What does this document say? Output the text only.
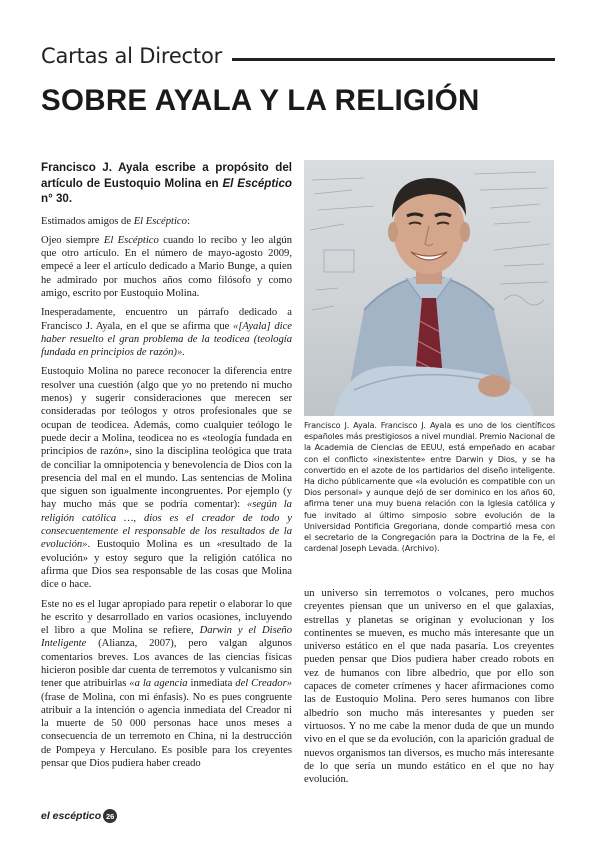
Cartas al Director
SOBRE AYALA Y LA RELIGIÓN
Francisco J. Ayala escribe a propósito del artículo de Eustoquio Molina en El Escéptico n° 30.

Estimados amigos de El Escéptico:

Ojeo siempre El Escéptico cuando lo recibo y leo algún que otro artículo. En el número de mayo-agosto 2009, empecé a leer el artículo dedicado a Mario Bunge, a quien he admirado por muchos años como filósofo y como amigo, escrito por Eustoquio Molina.

Inesperadamente, encuentro un párrafo dedicado a Francisco J. Ayala, en el que se afirma que «[Ayala] dice haber resuelto el gran problema de la teodicea (teología fundada en principios de razón)».

Eustoquio Molina no parece reconocer la diferencia entre resolver una cuestión (algo que yo no pretendo ni mucho menos) y sugerir consideraciones que merecen ser consideradas por teólogos y otros profesionales que se ocupan de teodicea. Además, como cualquier teólogo le puede decir a Molina, teodicea no es «teología fundada en principios de razón», sino la disciplina teológica que trata de conciliar la omnipotencia y benevolencia de Dios con la presencia del mal en el mundo. Las sentencias de Molina que siguen son igualmente incongruentes. Por ejemplo (y hay mucho más que se podría comentar): «según la religión católica …, dios es el creador de todo y consecuentemente el responsable de los resultados de la evolución». Eustoquio Molina es un «resultado de la evolución» y estoy seguro que la religión católica no afirma que Dios sea responsable de las cosas que Molina dice o hace.

Este no es el lugar apropiado para repetir o elaborar lo que he escrito y desarrollado en varios ocasiones, incluyendo el libro a que Molina se refiere, Darwin y el Diseño Inteligente (Alianza, 2007), pero valgan algunos comentarios breves. Los avances de las ciencias físicas hicieron posible dar cuenta de terremotos y vulcanismo sin tener que atribuirlas «a la agencia inmediata del Creador» (frase de Molina, con mi énfasis). No es pues congruente atribuir a la intención o agencia inmediata del Creador ni la muerte de 50 000 personas hace unos meses a consecuencia de un terremoto en China, ni la destrucción de Pompeya y Herculano. Es posible para los creyentes pensar que Dios pudiera haber creado

Francisco J. Ayala. Francisco J. Ayala es uno de los científicos españoles más prestigiosos a nivel mundial. Premio Nacional de la Academia de Ciencias de EEUU, está empeñado en acabar con el conflicto «inexistente» entre Darwin y Dios, y se ha convertido en el azote de los partidarios del diseño inteligente. Ha dicho públicamente que «la evolución es compatible con un Dios personal» y aunque dejó de ser dominico en los años 60, afirma tener una muy buena relación con la Iglesia católica y fue invitado al último simposio sobre evolución de la Universidad Pontificia Gregoriana, donde compartió mesa con el secretario de la Congregación para la Doctrina de la Fe, el cardenal Joseph Levada. (Archivo).

un universo sin terremotos o volcanes, pero muchos creyentes piensan que un universo en el que galaxias, estrellas y planetas se originan y evolucionan y los continentes se mueven, es mucho más interesante que un universo estático en el que nada pasaría. Los creyentes pueden pensar que Dios pudiera haber creado robots en vez de humanos con libre albedrío, que por ello son capaces de cometer crímenes y hacer afirmaciones como las de Eustoquio Molina. Pero seres humanos con libre albedrío son mucho más interesantes y pueden ser virtuosos. Y no me cabe la menor duda de que un mundo vivo en el que se da evolución, con la aparición gradual de nuevos organismos tan diversos, es mucho más interesante de lo que sería un mundo estático en el que no hay evolución.

el escéptico 26
